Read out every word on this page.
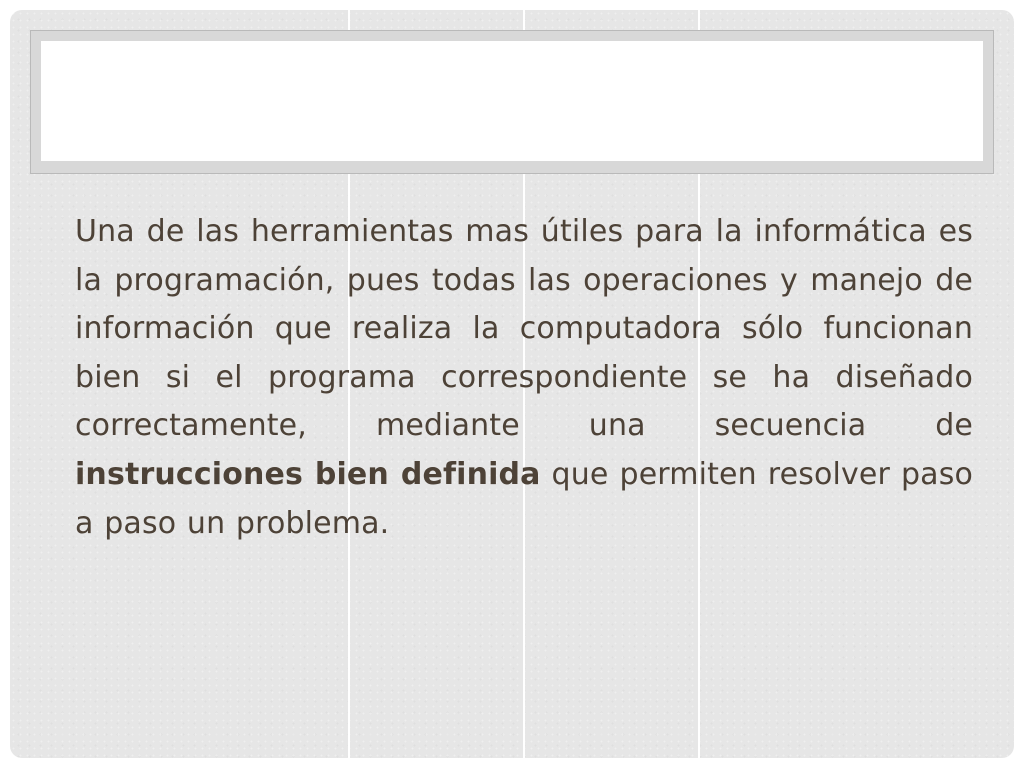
Una de las herramientas mas útiles para la informática es la programación, pues todas las operaciones y manejo de información que realiza la computadora sólo funcionan bien si el programa correspondiente se ha diseñado correctamente, mediante una secuencia de instrucciones bien definida que permiten resolver paso a paso un problema.
